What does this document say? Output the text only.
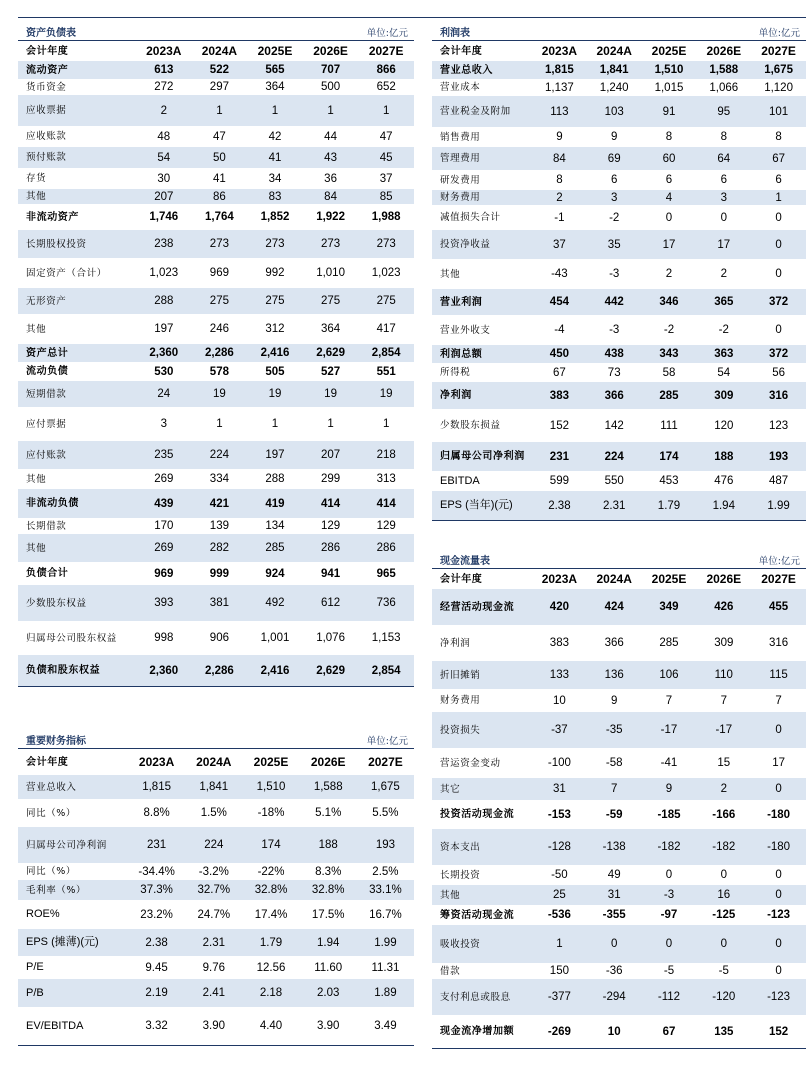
资产负债表	单位:亿元
会计年度	2023A	2024A	2025E	2026E	2027E
流动资产	613	522	565	707	866
货币资金	272	297	364	500	652
应收票据	2	1	1	1	1
应收账款	48	47	42	44	47
预付账款	54	50	41	43	45
存货	30	41	34	36	37
其他	207	86	83	84	85
非流动资产	1,746	1,764	1,852	1,922	1,988
长期股权投资	238	273	273	273	273
固定资产（合计）	1,023	969	992	1,010	1,023
无形资产	288	275	275	275	275
其他	197	246	312	364	417
资产总计	2,360	2,286	2,416	2,629	2,854
流动负债	530	578	505	527	551
短期借款	24	19	19	19	19
应付票据	3	1	1	1	1
应付账款	235	224	197	207	218
其他	269	334	288	299	313
非流动负债	439	421	419	414	414
长期借款	170	139	134	129	129
其他	269	282	285	286	286
负债合计	969	999	924	941	965
少数股东权益	393	381	492	612	736
归属母公司股东权益	998	906	1,001	1,076	1,153
负债和股东权益	2,360	2,286	2,416	2,629	2,854
重要财务指标	单位:亿元
会计年度	2023A	2024A	2025E	2026E	2027E
营业总收入	1,815	1,841	1,510	1,588	1,675
同比（%）	8.8%	1.5%	-18%	5.1%	5.5%
归属母公司净利润	231	224	174	188	193
同比（%）	-34.4%	-3.2%	-22%	8.3%	2.5%
毛利率（%）	37.3%	32.7%	32.8%	32.8%	33.1%
ROE%	23.2%	24.7%	17.4%	17.5%	16.7%
EPS (摊薄)(元)	2.38	2.31	1.79	1.94	1.99
P/E	9.45	9.76	12.56	11.60	11.31
P/B	2.19	2.41	2.18	2.03	1.89
EV/EBITDA	3.32	3.90	4.40	3.90	3.49
利润表	单位:亿元
会计年度	2023A	2024A	2025E	2026E	2027E
营业总收入	1,815	1,841	1,510	1,588	1,675
营业成本	1,137	1,240	1,015	1,066	1,120
营业税金及附加	113	103	91	95	101
销售费用	9	9	8	8	8
管理费用	84	69	60	64	67
研发费用	8	6	6	6	6
财务费用	2	3	4	3	1
减值损失合计	-1	-2	0	0	0
投资净收益	37	35	17	17	0
其他	-43	-3	2	2	0
营业利润	454	442	346	365	372
营业外收支	-4	-3	-2	-2	0
利润总额	450	438	343	363	372
所得税	67	73	58	54	56
净利润	383	366	285	309	316
少数股东损益	152	142	111	120	123
归属母公司净利润	231	224	174	188	193
EBITDA	599	550	453	476	487
EPS (当年)(元)	2.38	2.31	1.79	1.94	1.99
现金流量表	单位:亿元
会计年度	2023A	2024A	2025E	2026E	2027E
经营活动现金流	420	424	349	426	455
净利润	383	366	285	309	316
折旧摊销	133	136	106	110	115
财务费用	10	9	7	7	7
投资损失	-37	-35	-17	-17	0
营运资金变动	-100	-58	-41	15	17
其它	31	7	9	2	0
投资活动现金流	-153	-59	-185	-166	-180
资本支出	-128	-138	-182	-182	-180
长期投资	-50	49	0	0	0
其他	25	31	-3	16	0
筹资活动现金流	-536	-355	-97	-125	-123
吸收投资	1	0	0	0	0
借款	150	-36	-5	-5	0
支付利息或股息	-377	-294	-112	-120	-123
现金流净增加额	-269	10	67	135	152
